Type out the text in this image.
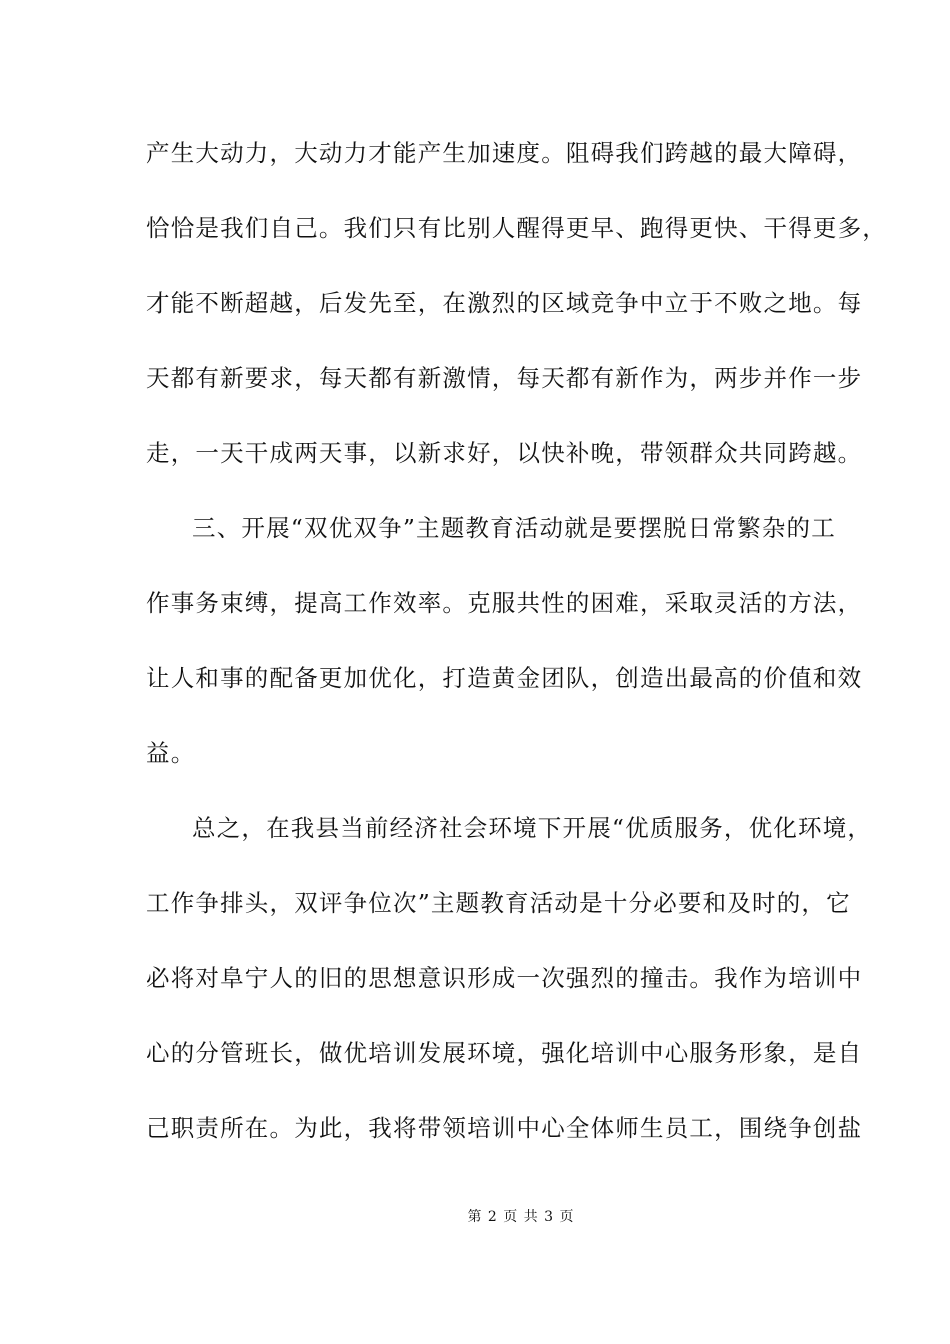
产生大动力，大动力才能产生加速度。阻碍我们跨越的最大障碍，
恰恰是我们自己。我们只有比别人醒得更早、跑得更快、干得更多，
才能不断超越，后发先至，在激烈的区域竞争中立于不败之地。每
天都有新要求，每天都有新激情，每天都有新作为，两步并作一步
走，一天干成两天事，以新求好，以快补晚，带领群众共同跨越。
三、开展“双优双争”主题教育活动就是要摆脱日常繁杂的工
作事务束缚，提高工作效率。克服共性的困难，采取灵活的方法，
让人和事的配备更加优化，打造黄金团队，创造出最高的价值和效
益。
总之，在我县当前经济社会环境下开展“优质服务，优化环境，
工作争排头，双评争位次”主题教育活动是十分必要和及时的，它
必将对阜宁人的旧的思想意识形成一次强烈的撞击。我作为培训中
心的分管班长，做优培训发展环境，强化培训中心服务形象，是自
己职责所在。为此，我将带领培训中心全体师生员工，围绕争创盐
第 2 页 共 3 页
